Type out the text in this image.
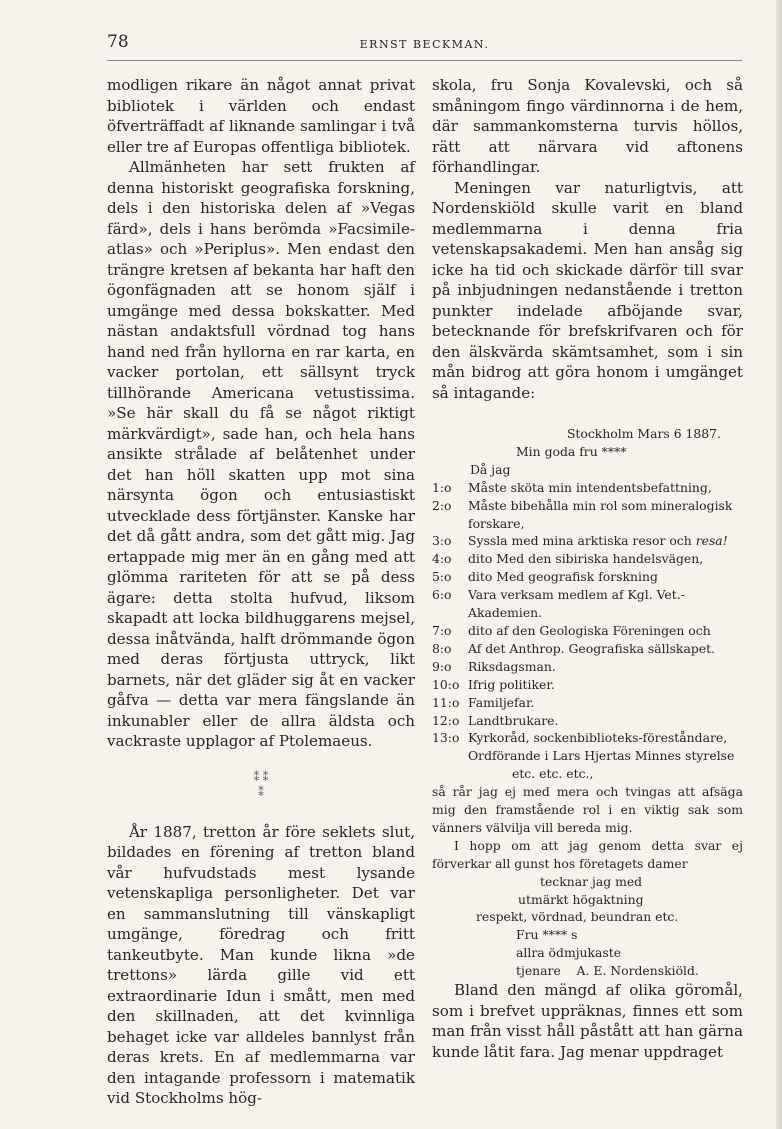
78	ERNST BECKMAN.

modligen rikare än något annat privat bibliotek i världen och endast öfverträffadt af liknande samlingar i två eller tre af Europas offentliga bibliotek.

Allmänheten har sett frukten af denna historiskt geografiska forskning, dels i den historiska delen af »Vegas färd», dels i hans berömda »Facsimile-atlas» och »Periplus». Men endast den trängre kretsen af bekanta har haft den ögonfägnaden att se honom själf i umgänge med dessa bokskatter. Med nästan andaktsfull vördnad tog hans hand ned från hyllorna en rar karta, en vacker portolan, ett sällsynt tryck tillhörande Americana vetustissima. »Se här skall du få se något riktigt märkvärdigt», sade han, och hela hans ansikte strålade af belåtenhet under det han höll skatten upp mot sina närsynta ögon och entusiastiskt utvecklade dess förtjänster. Kanske har det då gått andra, som det gått mig. Jag ertappade mig mer än en gång med att glömma rariteten för att se på dess ägare: detta stolta hufvud, liksom skapadt att locka bildhuggarens mejsel, dessa inåtvända, halft drömmande ögon med deras förtjusta uttryck, likt barnets, när det gläder sig åt en vacker gåfva — detta var mera fängslande än inkunabler eller de allra äldsta och vackraste upplagor af Ptolemaeus.

⁑ ⁑
⁑

År 1887, tretton år före seklets slut, bildades en förening af tretton bland vår hufvudstads mest lysande vetenskapliga personligheter. Det var en sammanslutning till vänskapligt umgänge, föredrag och fritt tankeutbyte. Man kunde likna »de trettons» lärda gille vid ett extraordinarie Idun i smått, men med den skillnaden, att det kvinnliga behaget icke var alldeles bannlyst från deras krets. En af medlemmarna var den intagande professorn i matematik vid Stockholms hög-

skola, fru Sonja Kovalevski, och så småningom fingo värdinnorna i de hem, där sammankomsterna turvis höllos, rätt att närvara vid aftonens förhandlingar.

Meningen var naturligtvis, att Nordenskiöld skulle varit en bland medlemmarna i denna fria vetenskapsakademi. Men han ansåg sig icke ha tid och skickade därför till svar på inbjudningen nedanstående i tretton punkter indelade afböjande svar, betecknande för brefskrifvaren och för den älskvärda skämtsamhet, som i sin mån bidrog att göra honom i umgänget så intagande:

Stockholm Mars 6 1887.
Min goda fru ****
Då jag
1:o	Måste sköta min intendentsbefattning,
2:o	Måste bibehålla min rol som mineralogisk forskare,
3:o	Syssla med mina arktiska resor och resa!
4:o	dito Med den sibiriska handelsvägen,
5:o	dito Med geografisk forskning
6:o	Vara verksam medlem af Kgl. Vet.-Akademien.
7:o	dito af den Geologiska Föreningen och
8:o	Af det Anthrop. Geografiska sällskapet.
9:o	Riksdagsman.
10:o Ifrig politiker.
11:o Familjefar.
12:o Landtbrukare.
13:o Kyrkoråd, sockenbiblioteks-föreståndare,
Ordförande i Lars Hjertas Minnes styrelse
etc. etc. etc.,
så rår jag ej med mera och tvingas att afsäga mig den framstående rol i en viktig sak som vänners välvilja vill bereda mig.
I hopp om att jag genom detta svar ej förverkar all gunst hos företagets damer
tecknar jag med
utmärkt högaktning
respekt, vördnad, beundran etc.
Fru **** s
allra ödmjukaste
tjenare    A. E. Nordenskiöld.

Bland den mängd af olika göromål, som i brefvet uppräknas, finnes ett som man från visst håll påstått att han gärna kunde låtit fara. Jag menar uppdraget
